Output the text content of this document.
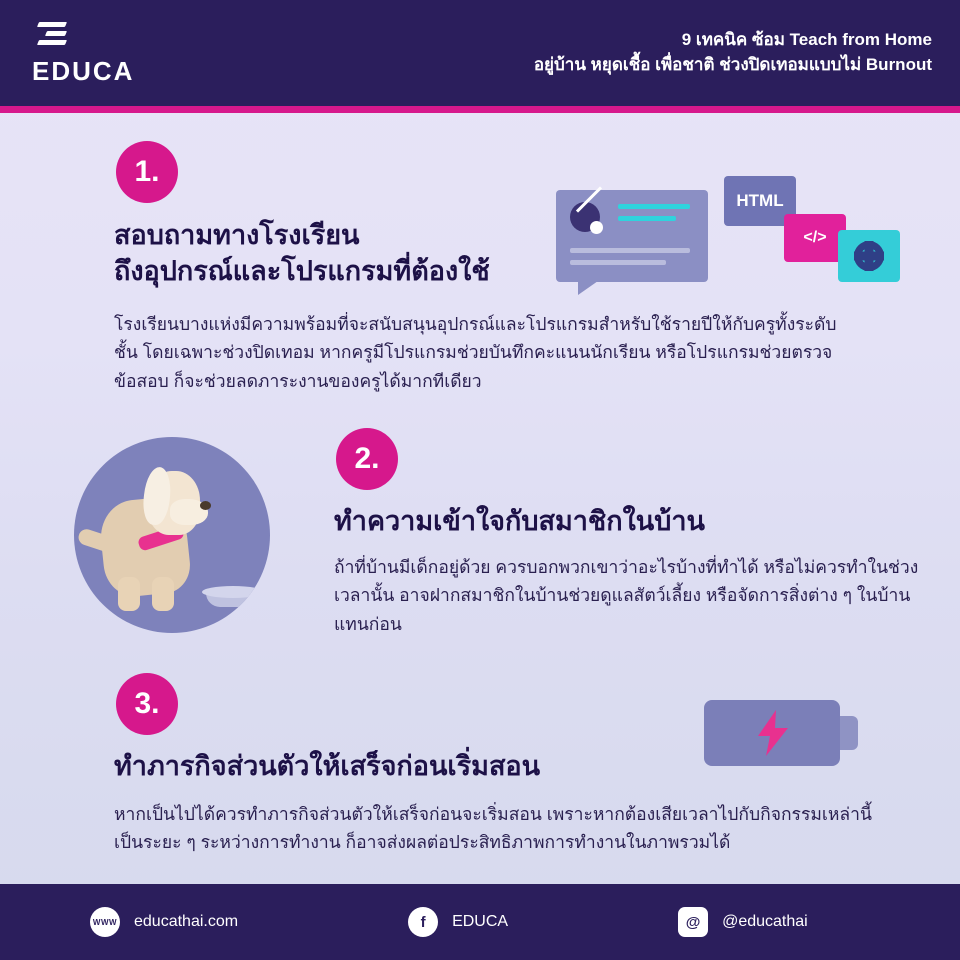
EDUCA
9 เทคนิค ซ้อม Teach from Home
อยู่บ้าน หยุดเชื้อ เพื่อชาติ ช่วงปิดเทอมแบบไม่ Burnout
1.
สอบถามทางโรงเรียน
ถึงอุปกรณ์และโปรแกรมที่ต้องใช้
โรงเรียนบางแห่งมีความพร้อมที่จะสนับสนุนอุปกรณ์และโปรแกรมสำหรับใช้รายปีให้กับครูทั้งระดับชั้น โดยเฉพาะช่วงปิดเทอม หากครูมีโปรแกรมช่วยบันทึกคะแนนนักเรียน หรือโปรแกรมช่วยตรวจข้อสอบ ก็จะช่วยลดภาระงานของครูได้มากทีเดียว
HTML
</>
2.
ทำความเข้าใจกับสมาชิกในบ้าน
ถ้าที่บ้านมีเด็กอยู่ด้วย ควรบอกพวกเขาว่าอะไรบ้างที่ทำได้ หรือไม่ควรทำในช่วงเวลานั้น อาจฝากสมาชิกในบ้านช่วยดูแลสัตว์เลี้ยง หรือจัดการสิ่งต่าง ๆ ในบ้านแทนก่อน
3.
ทำภารกิจส่วนตัวให้เสร็จก่อนเริ่มสอน
หากเป็นไปได้ควรทำภารกิจส่วนตัวให้เสร็จก่อนจะเริ่มสอน เพราะหากต้องเสียเวลาไปกับกิจกรรมเหล่านี้เป็นระยะ ๆ ระหว่างการทำงาน ก็อาจส่งผลต่อประสิทธิภาพการทำงานในภาพรวมได้
WWW educathai.com	f	EDUCA	@	@educathai
